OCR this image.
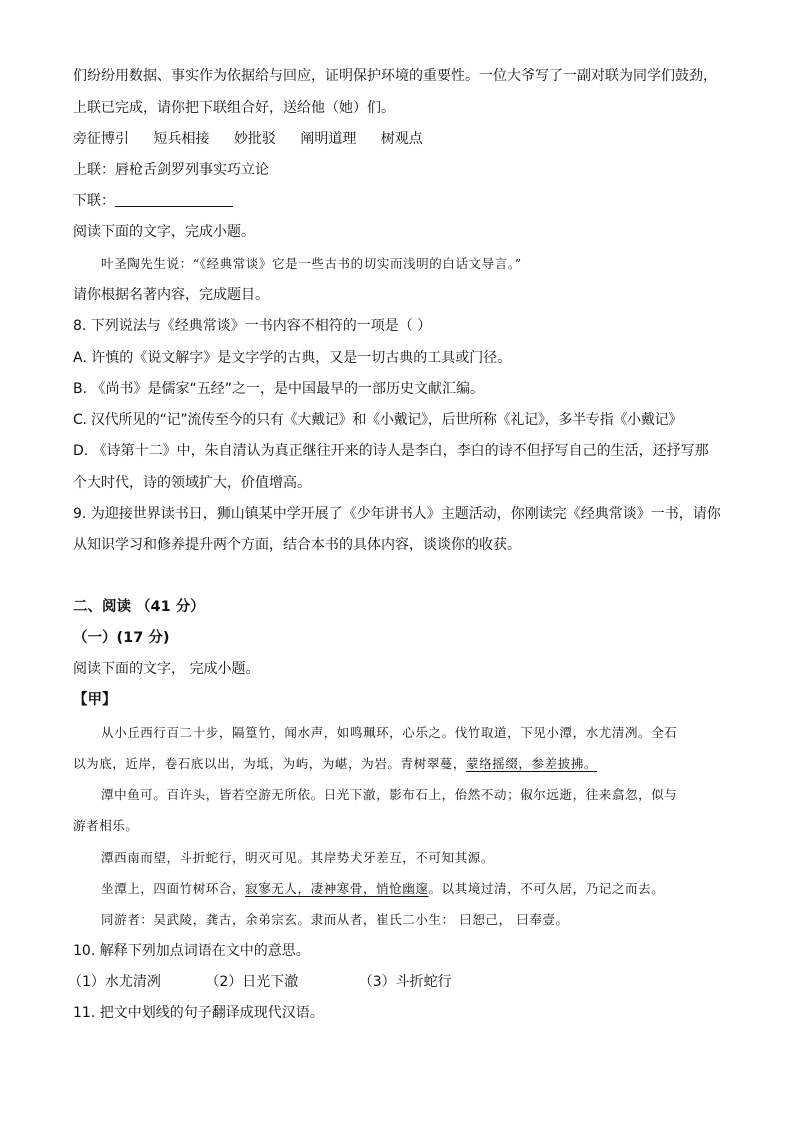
们纷纷用数据、事实作为依据给与回应，证明保护环境的重要性。一位大爷写了一副对联为同学们鼓劲，
上联已完成，请你把下联组合好，送给他（她）们。
旁征博引 短兵相接 妙批驳 阐明道理 树观点
上联：唇枪舌剑罗列事实巧立论
下联：
阅读下面的文字，完成小题。
叶圣陶先生说：“《经典常谈》它是一些古书的切实而浅明的白话文导言。”
请你根据名著内容，完成题目。
8. 下列说法与《经典常谈》一书内容不相符的一项是（ ）
A. 许慎的《说文解字》是文字学的古典，又是一切古典的工具或门径。
B. 《尚书》是儒家“五经”之一，是中国最早的一部历史文献汇编。
C. 汉代所见的“记”流传至今的只有《大戴记》和《小戴记》，后世所称《礼记》，多半专指《小戴记》
D. 《诗第十二》中，朱自清认为真正继往开来的诗人是李白，李白的诗不但抒写自己的生活，还抒写那
个大时代，诗的领域扩大，价值增高。
9. 为迎接世界读书日，狮山镇某中学开展了《少年讲书人》主题活动，你刚读完《经典常谈》一书，请你
从知识学习和修养提升两个方面，结合本书的具体内容，谈谈你的收获。
二、阅读 （41 分）
（一）(17 分)
阅读下面的文字， 完成小题。
【甲】
从小丘西行百二十步，隔篁竹，闻水声，如鸣珮环，心乐之。伐竹取道，下见小潭，水尤清冽。全石
以为底，近岸，卷石底以出，为坻，为屿，为嵁，为岩。青树翠蔓，蒙络摇缀，参差披拂。
潭中鱼可。百许头，皆若空游无所依。日光下澈，影布石上，佁然不动；俶尔远逝，往来翕忽，似与
游者相乐。
潭西南而望，斗折蛇行，明灭可见。其岸势犬牙差互，不可知其源。
坐潭上，四面竹树环合，寂寥无人，凄神寒骨，悄怆幽邃。以其境过清，不可久居，乃记之而去。
同游者：吴武陵，龚古，余弟宗玄。隶而从者，崔氏二小生： 曰恕己， 曰奉壹。
10. 解释下列加点词语在文中的意思。
（1）水尤清冽	（2）日光下澈	（3）斗折蛇行
11. 把文中划线的句子翻译成现代汉语。
